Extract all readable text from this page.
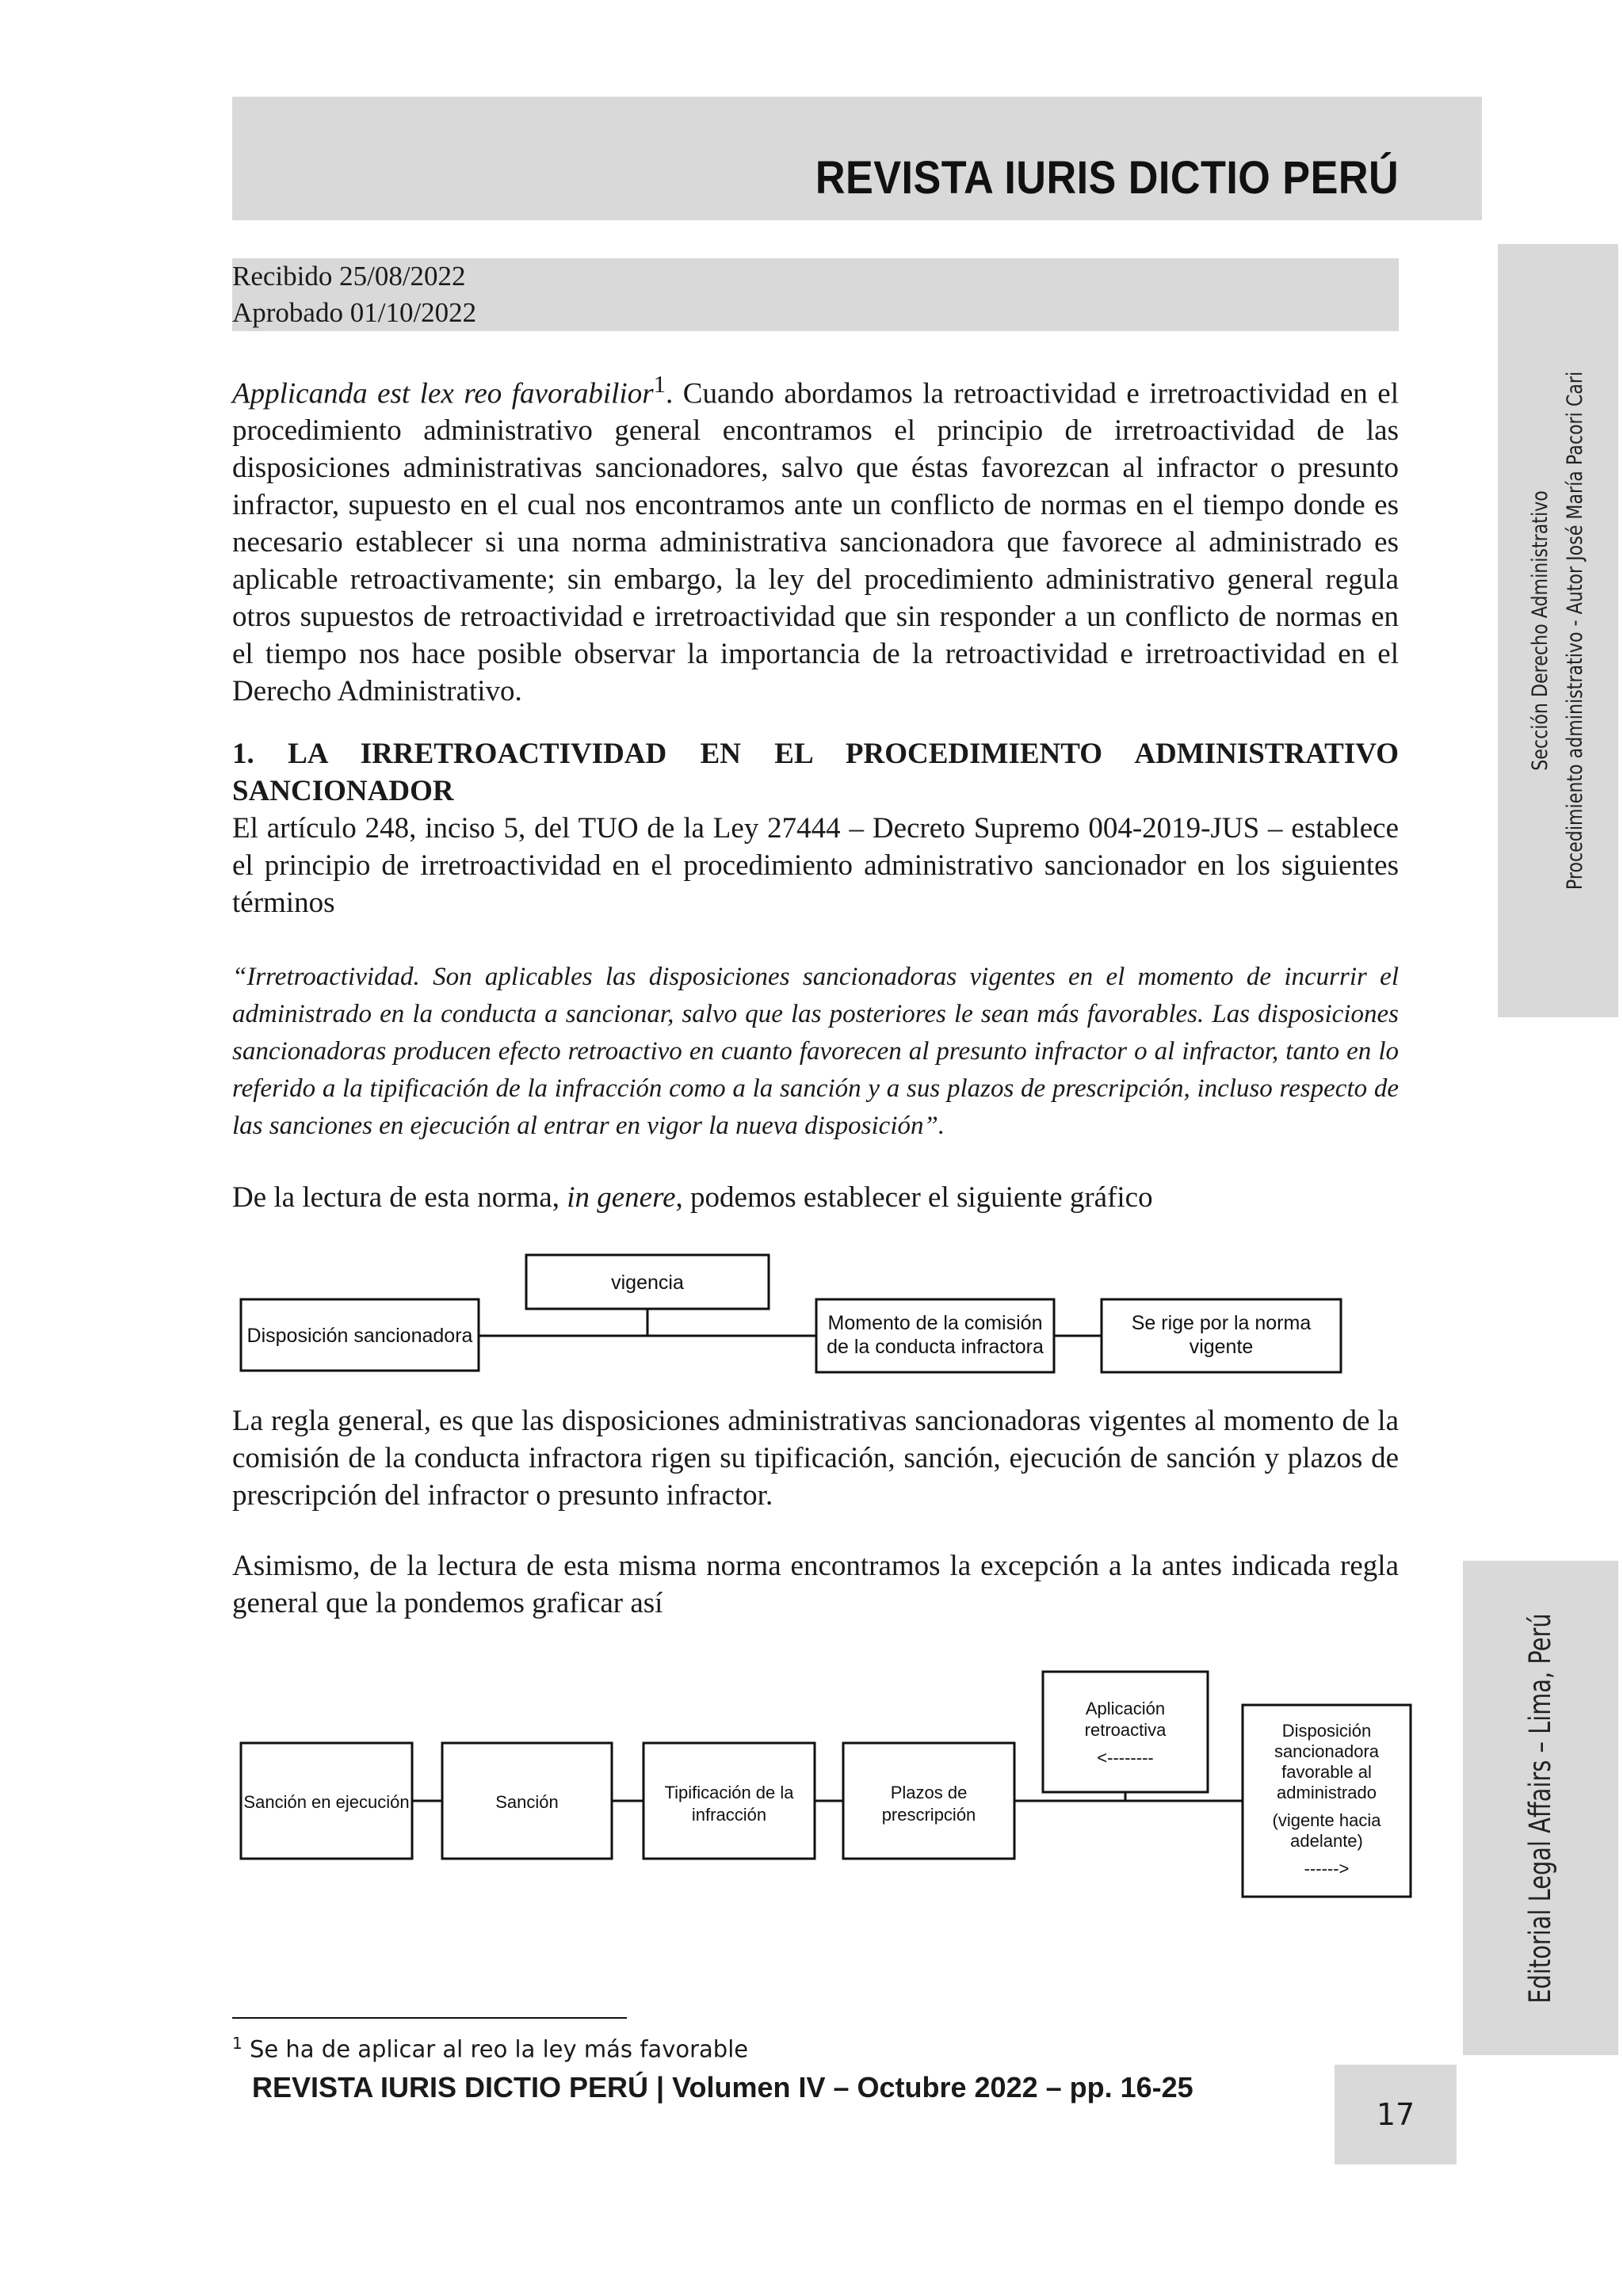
REVISTA IURIS DICTIO PERÚ
Recibido 25/08/2022
Aprobado 01/10/2022
Sección Derecho Administrativo Procedimiento administrativo - Autor José María Pacori Cari
Editorial Legal Affairs – Lima, Perú

Applicanda est lex reo favorabilior$^1$. Cuando abordamos la retroactividad e irretroactividad en el procedimiento administrativo general encontramos el principio de irretroactividad de las disposiciones administrativas sancionadores, salvo que éstas favorezcan al infractor o presunto infractor, supuesto en el cual nos encontramos ante un conflicto de normas en el tiempo donde es necesario establecer si una norma administrativa sancionadora que favorece al administrado es aplicable retroactivamente; sin embargo, la ley del procedimiento administrativo general regula otros supuestos de retroactividad e irretroactividad que sin responder a un conflicto de normas en el tiempo nos hace posible observar la importancia de la retroactividad e irretroactividad en el Derecho Administrativo.

1. LA IRRETROACTIVIDAD EN EL PROCEDIMIENTO ADMINISTRATIVO SANCIONADOR

El artículo 248, inciso 5, del TUO de la Ley 27444 – Decreto Supremo 004-2019-JUS – establece el principio de irretroactividad en el procedimiento administrativo sancionador en los siguientes términos

“Irretroactividad. Son aplicables las disposiciones sancionadoras vigentes en el momento de incurrir el administrado en la conducta a sancionar, salvo que las posteriores le sean más favorables. Las disposiciones sancionadoras producen efecto retroactivo en cuanto favorecen al presunto infractor o al infractor, tanto en lo referido a la tipificación de la infracción como a la sanción y a sus plazos de prescripción, incluso respecto de las sanciones en ejecución al entrar en vigor la nueva disposición”.

De la lectura de esta norma, in genere, podemos establecer el siguiente gráfico

Disposición sancionadora
vigencia
Momento de la comisión
de la conducta infractora
Se rige por la norma
vigente

La regla general, es que las disposiciones administrativas sancionadoras vigentes al momento de la comisión de la conducta infractora rigen su tipificación, sanción, ejecución de sanción y plazos de prescripción del infractor o presunto infractor.

Asimismo, de la lectura de esta misma norma encontramos la excepción a la antes indicada regla general que la pondemos graficar así

Sanción en ejecución	Sanción	Tipificación de la
infracción
Plazos de
prescripción
Aplicación
retroactiva
<--------
Disposición
sancionadora
favorable al
administrado
(vigente hacia
adelante)
------>

$^1$ Se ha de aplicar al reo la ley más favorable

REVISTA IURIS DICTIO PERÚ | Volumen IV – Octubre 2022 – pp. 16-25

17
